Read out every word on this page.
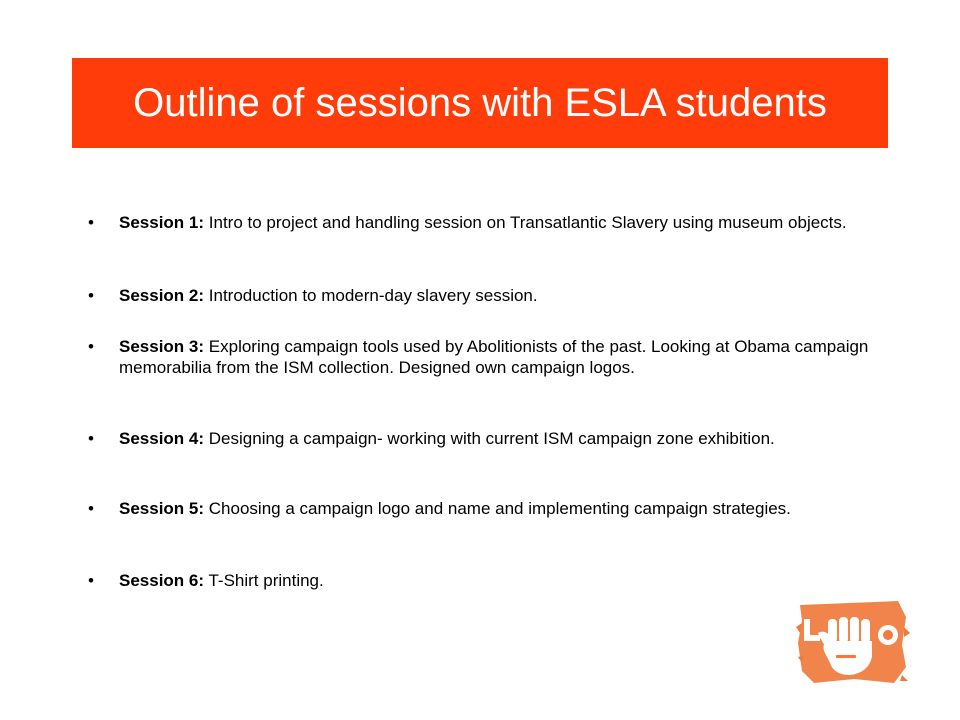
Outline of sessions with ESLA students
• Session 1: Intro to project and handling session on Transatlantic Slavery using museum objects.
• Session 2: Introduction to modern-day slavery session.
• Session 3: Exploring campaign tools used by Abolitionists of the past. Looking at Obama campaign memorabilia from the ISM collection. Designed own campaign logos.
• Session 4: Designing a campaign- working with current ISM campaign zone exhibition.
• Session 5: Choosing a campaign logo and name and implementing campaign strategies.
• Session 6: T-Shirt printing.
